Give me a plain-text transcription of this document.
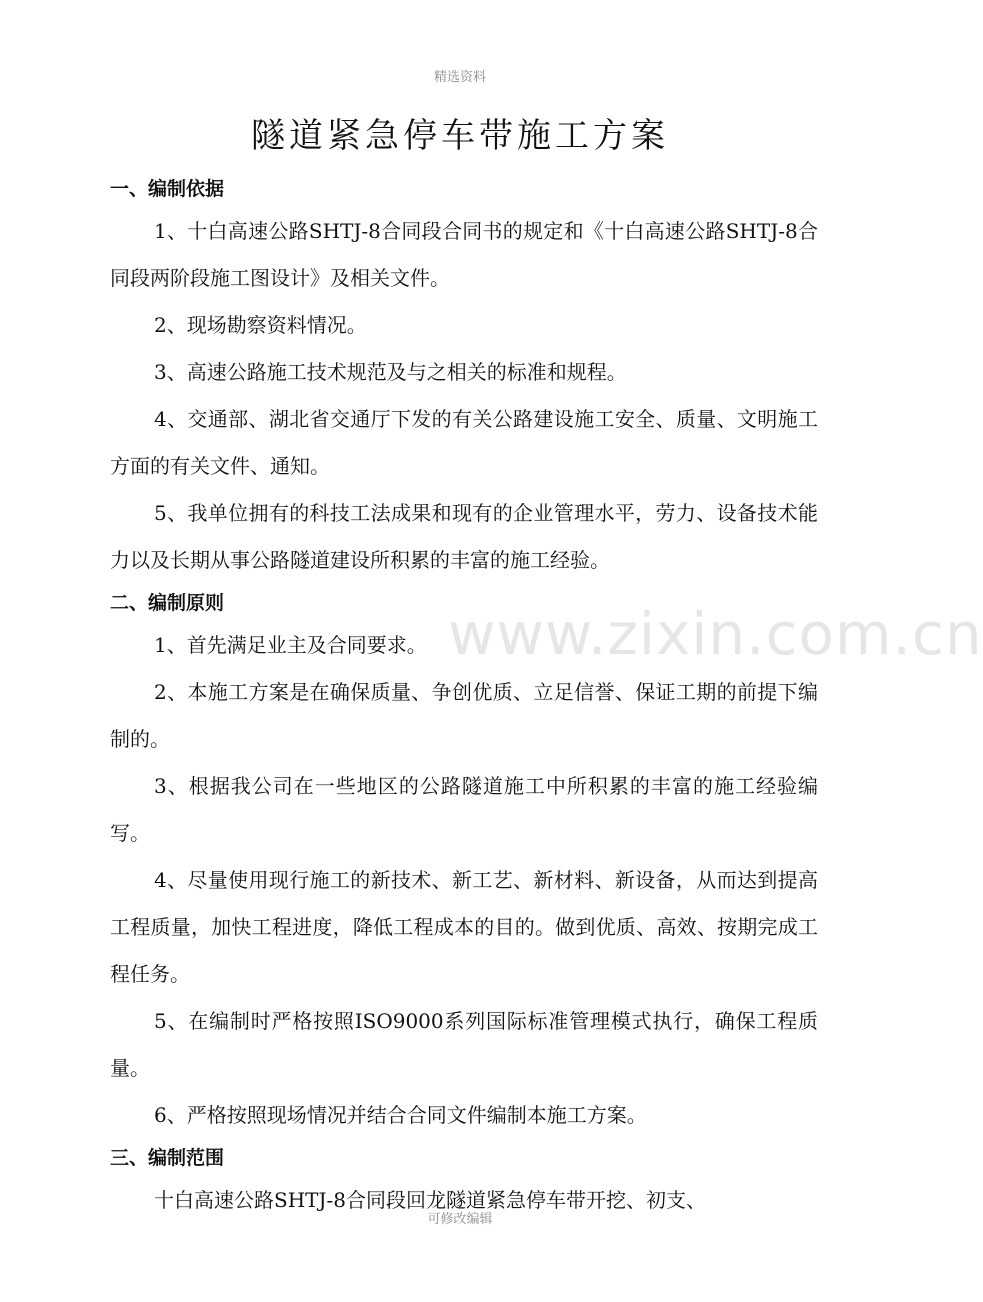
精选资料
www.zixin.com.cn
隧道紧急停车带施工方案
一、编制依据
1、十白高速公路SHTJ-8合同段合同书的规定和《十白高速公路SHTJ-8合同段两阶段施工图设计》及相关文件。
2、现场勘察资料情况。
3、高速公路施工技术规范及与之相关的标准和规程。
4、交通部、湖北省交通厅下发的有关公路建设施工安全、质量、文明施工方面的有关文件、通知。
5、我单位拥有的科技工法成果和现有的企业管理水平，劳力、设备技术能力以及长期从事公路隧道建设所积累的丰富的施工经验。
二、编制原则
1、首先满足业主及合同要求。
2、本施工方案是在确保质量、争创优质、立足信誉、保证工期的前提下编制的。
3、根据我公司在一些地区的公路隧道施工中所积累的丰富的施工经验编写。
4、尽量使用现行施工的新技术、新工艺、新材料、新设备，从而达到提高工程质量，加快工程进度，降低工程成本的目的。做到优质、高效、按期完成工程任务。
5、在编制时严格按照ISO9000系列国际标准管理模式执行，确保工程质量。
6、严格按照现场情况并结合合同文件编制本施工方案。
三、编制范围
十白高速公路SHTJ-8合同段回龙隧道紧急停车带开挖、初支、
可修改编辑
